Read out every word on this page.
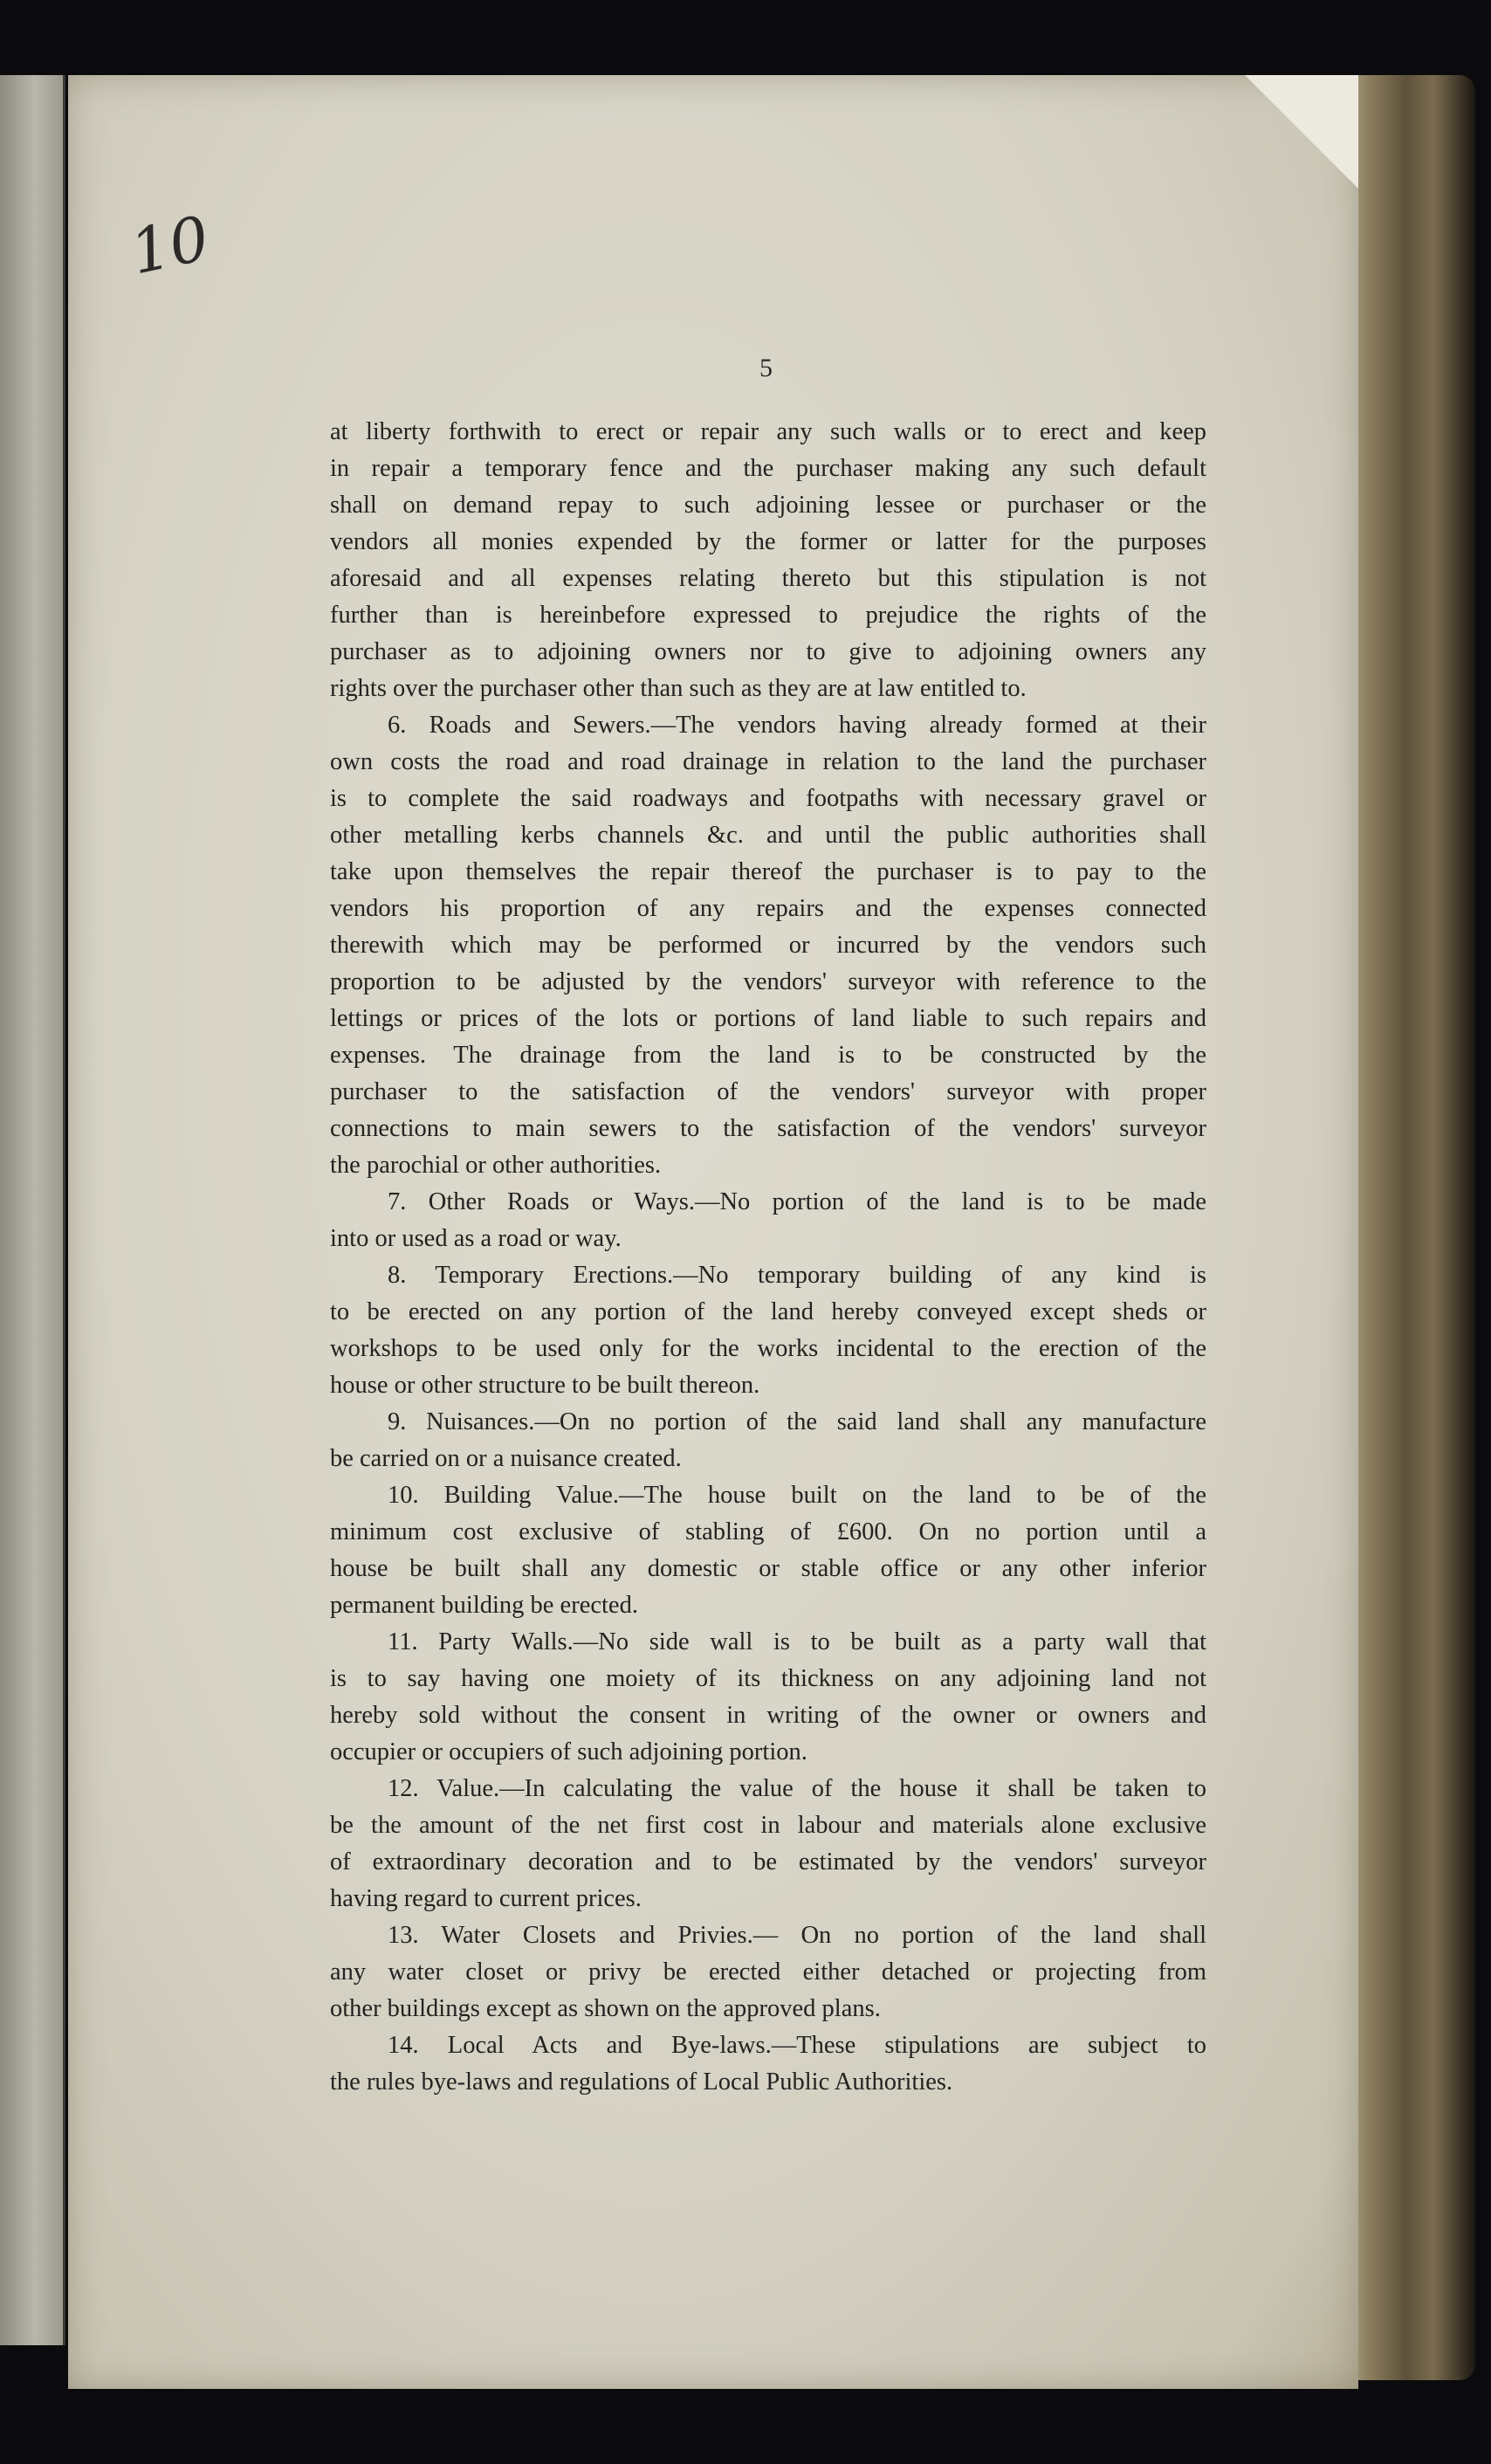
10
5
at liberty forthwith to erect or repair any such walls or to erect and keep
in repair a temporary fence and the purchaser making any such default
shall on demand repay to such adjoining lessee or purchaser or the
vendors all monies expended by the former or latter for the purposes
aforesaid and all expenses relating thereto but this stipulation is not
further than is hereinbefore expressed to prejudice the rights of the
purchaser as to adjoining owners nor to give to adjoining owners any
rights over the purchaser other than such as they are at law entitled to.
6. Roads and Sewers.—The vendors having already formed at their
own costs the road and road drainage in relation to the land the purchaser
is to complete the said roadways and footpaths with necessary gravel or
other metalling kerbs channels &c. and until the public authorities shall
take upon themselves the repair thereof the purchaser is to pay to the
vendors his proportion of any repairs and the expenses connected
therewith which may be performed or incurred by the vendors such
proportion to be adjusted by the vendors' surveyor with reference to the
lettings or prices of the lots or portions of land liable to such repairs and
expenses. The drainage from the land is to be constructed by the
purchaser to the satisfaction of the vendors' surveyor with proper
connections to main sewers to the satisfaction of the vendors' surveyor
the parochial or other authorities.
7. Other Roads or Ways.—No portion of the land is to be made
into or used as a road or way.
8. Temporary Erections.—No temporary building of any kind is
to be erected on any portion of the land hereby conveyed except sheds or
workshops to be used only for the works incidental to the erection of the
house or other structure to be built thereon.
9. Nuisances.—On no portion of the said land shall any manufacture
be carried on or a nuisance created.
10. Building Value.—The house built on the land to be of the
minimum cost exclusive of stabling of £600. On no portion until a
house be built shall any domestic or stable office or any other inferior
permanent building be erected.
11. Party Walls.—No side wall is to be built as a party wall that
is to say having one moiety of its thickness on any adjoining land not
hereby sold without the consent in writing of the owner or owners and
occupier or occupiers of such adjoining portion.
12. Value.—In calculating the value of the house it shall be taken to
be the amount of the net first cost in labour and materials alone exclusive
of extraordinary decoration and to be estimated by the vendors' surveyor
having regard to current prices.
13. Water Closets and Privies.— On no portion of the land shall
any water closet or privy be erected either detached or projecting from
other buildings except as shown on the approved plans.
14. Local Acts and Bye-laws.—These stipulations are subject to
the rules bye-laws and regulations of Local Public Authorities.
